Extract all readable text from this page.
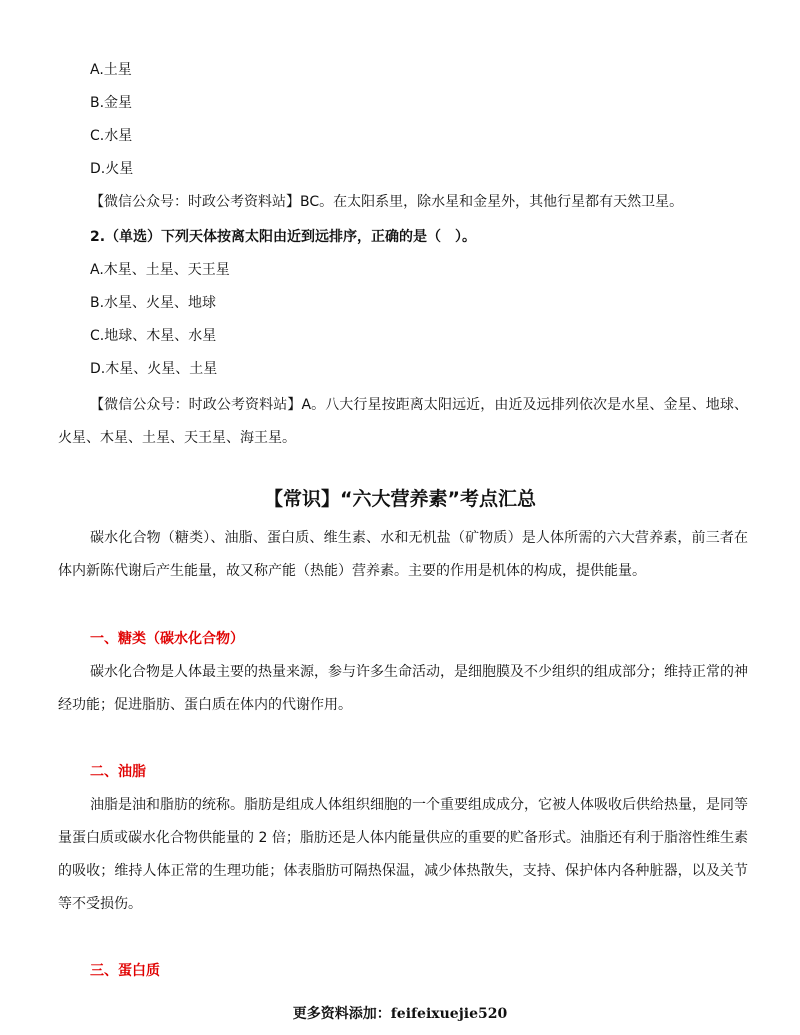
A.土星
B.金星
C.水星
D.火星
【微信公众号：时政公考资料站】BC。在太阳系里，除水星和金星外，其他行星都有天然卫星。
2.（单选）下列天体按离太阳由近到远排序，正确的是（　）。
A.木星、土星、天王星
B.水星、火星、地球
C.地球、木星、水星
D.木星、火星、土星
【微信公众号：时政公考资料站】A。八大行星按距离太阳远近，由近及远排列依次是水星、金星、地球、火星、木星、土星、天王星、海王星。
【常识】“六大营养素”考点汇总
碳水化合物（糖类）、油脂、蛋白质、维生素、水和无机盐（矿物质）是人体所需的六大营养素，前三者在体内新陈代谢后产生能量，故又称产能（热能）营养素。主要的作用是机体的构成，提供能量。
一、糖类（碳水化合物）
碳水化合物是人体最主要的热量来源，参与许多生命活动，是细胞膜及不少组织的组成部分；维持正常的神经功能；促进脂肪、蛋白质在体内的代谢作用。
二、油脂
油脂是油和脂肪的统称。脂肪是组成人体组织细胞的一个重要组成成分，它被人体吸收后供给热量，是同等量蛋白质或碳水化合物供能量的 2 倍；脂肪还是人体内能量供应的重要的贮备形式。油脂还有利于脂溶性维生素的吸收；维持人体正常的生理功能；体表脂肪可隔热保温，减少体热散失，支持、保护体内各种脏器，以及关节等不受损伤。
三、蛋白质
更多资料添加：feifeixuejie520
